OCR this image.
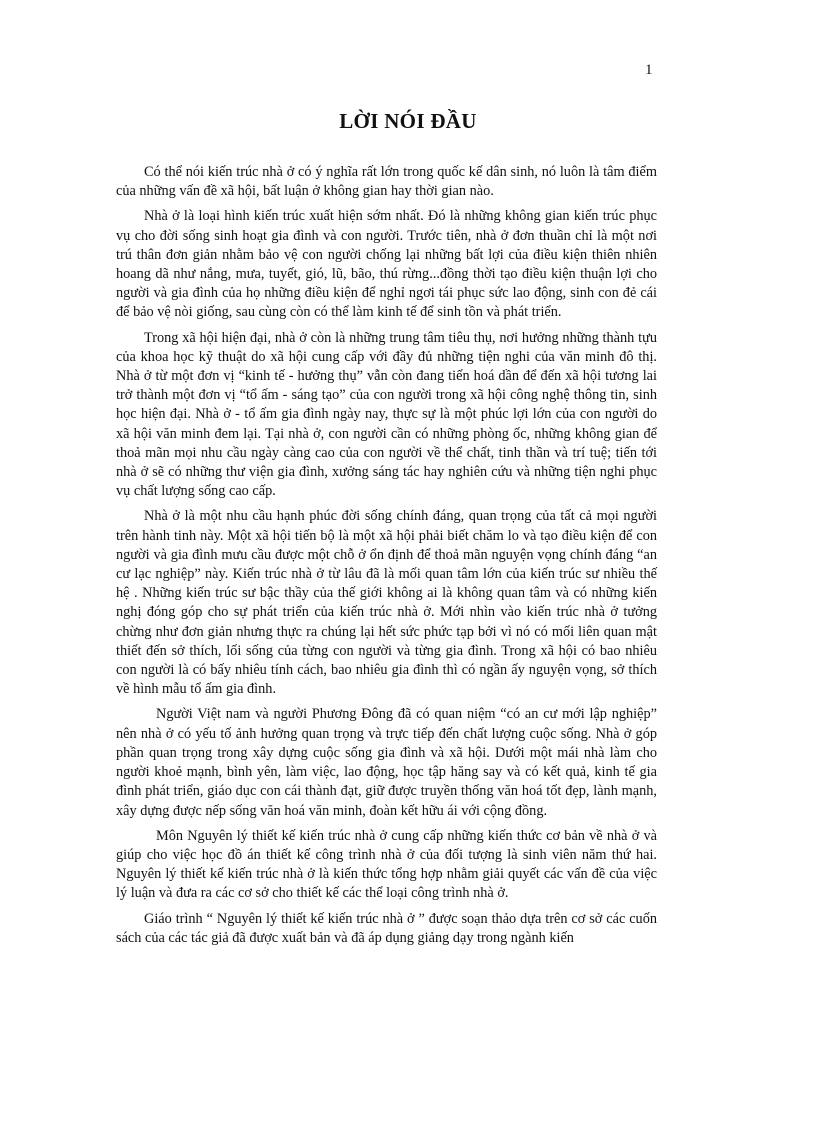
1
LỜI NÓI ĐẦU

Có thể nói kiến trúc nhà ở có ý nghĩa rất lớn trong quốc kế dân sinh, nó luôn là tâm điểm của những vấn đề xã hội, bất luận ở không gian hay thời gian nào.

Nhà ở là loại hình kiến trúc xuất hiện sớm nhất. Đó là những không gian kiến trúc phục vụ cho đời sống sinh hoạt gia đình và con người. Trước tiên, nhà ở đơn thuần chỉ là một nơi trú thân đơn giản nhằm bảo vệ con người chống lại những bất lợi của điều kiện thiên nhiên hoang dã như nắng, mưa, tuyết, gió, lũ, bão, thú rừng...đồng thời tạo điều kiện thuận lợi cho người và gia đình của họ những điều kiện để nghỉ ngơi tái phục sức lao động, sinh con đẻ cái để bảo vệ nòi giống, sau cùng còn có thể làm kinh tế để sinh tồn và phát triển.

Trong xã hội hiện đại, nhà ở còn là những trung tâm tiêu thụ, nơi hưởng những thành tựu của khoa học kỹ thuật do xã hội cung cấp với đầy đủ những tiện nghi của văn minh đô thị. Nhà ở từ một đơn vị “kinh tế - hưởng thụ” vẫn còn đang tiến hoá dần để đến xã hội tương lai trở thành một đơn vị “tổ ấm - sáng tạo” của con người trong xã hội công nghệ thông tin, sinh học hiện đại. Nhà ở - tổ ấm gia đình ngày nay, thực sự là một phúc lợi lớn của con người do xã hội văn minh đem lại. Tại nhà ở, con người cần có những phòng ốc, những không gian để thoả mãn mọi nhu cầu ngày càng cao của con người về thể chất, tinh thần và trí tuệ; tiến tới nhà ở sẽ có những thư viện gia đình, xưởng sáng tác hay nghiên cứu và những tiện nghi phục vụ chất lượng sống cao cấp.

Nhà ở là một nhu cầu hạnh phúc đời sống chính đáng, quan trọng của tất cả mọi người trên hành tinh này. Một xã hội tiến bộ là một xã hội phải biết chăm lo và tạo điều kiện để con người và gia đình mưu cầu được một chỗ ở ổn định để thoả mãn nguyện vọng chính đáng “an cư lạc nghiệp” này. Kiến trúc nhà ở từ lâu đã là mối quan tâm lớn của kiến trúc sư nhiều thế hệ . Những kiến trúc sư bậc thầy của thế giới không ai là không quan tâm và có những kiến nghị đóng góp cho sự phát triển của kiến trúc nhà ở. Mới nhìn vào kiến trúc nhà ở tưởng chừng như đơn giản nhưng thực ra chúng lại hết sức phức tạp bởi vì nó có mối liên quan mật thiết đến sở thích, lối sống của từng con người và từng gia đình. Trong xã hội có bao nhiêu con người là có bấy nhiêu tính cách, bao nhiêu gia đình thì có ngần ấy nguyện vọng, sở thích về hình mẫu tổ ấm gia đình.

Người Việt nam và người Phương Đông đã có quan niệm “có an cư mới lập nghiệp” nên nhà ở có yếu tố ảnh hưởng quan trọng và trực tiếp đến chất lượng cuộc sống. Nhà ở góp phần quan trọng trong xây dựng cuộc sống gia đình và xã hội. Dưới một mái nhà làm cho người khoẻ mạnh, bình yên, làm việc, lao động, học tập hăng say và có kết quả, kinh tế gia đình phát triển, giáo dục con cái thành đạt, giữ được truyền thống văn hoá tốt đẹp, lành mạnh, xây dựng được nếp sống văn hoá văn minh, đoàn kết hữu ái với cộng đồng.

Môn Nguyên lý thiết kế kiến trúc nhà ở cung cấp những kiến thức cơ bản về nhà ở và giúp cho việc học đồ án thiết kế công trình nhà ở của đối tượng là sinh viên năm thứ hai. Nguyên lý thiết kế kiến trúc nhà ở là kiến thức tổng hợp nhằm giải quyết các vấn đề của việc lý luận và đưa ra các cơ sở cho thiết kế các thể loại công trình nhà ở.

Giáo trình “ Nguyên lý thiết kế kiến trúc nhà ở ” được soạn thảo dựa trên cơ sở các cuốn sách của các tác giả đã được xuất bản và đã áp dụng giảng dạy trong ngành kiến
